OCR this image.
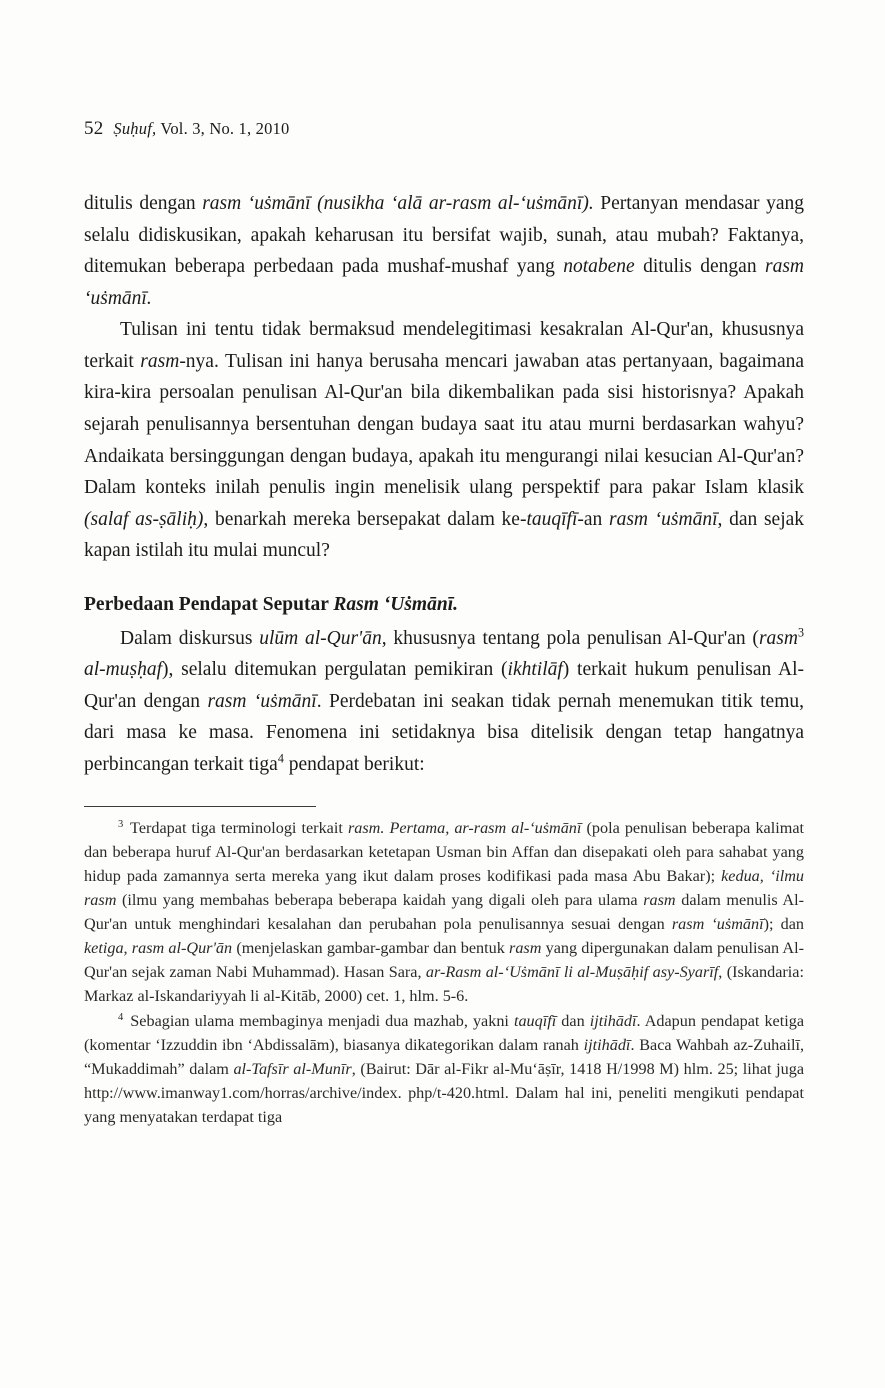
52 Ṣuḥuf, Vol. 3, No. 1, 2010

ditulis dengan rasm ʻuṡmānī (nusikha ʻalā ar-rasm al-ʻuṡmānī). Pertanyan mendasar yang selalu didiskusikan, apakah keharusan itu bersifat wajib, sunah, atau mubah? Faktanya, ditemukan beberapa perbedaan pada mushaf-mushaf yang notabene ditulis dengan rasm ʻuṡmānī.

Tulisan ini tentu tidak bermaksud mendelegitimasi kesakralan Al-Qur'an, khususnya terkait rasm-nya. Tulisan ini hanya berusaha mencari jawaban atas pertanyaan, bagaimana kira-kira persoalan penulisan Al-Qur'an bila dikembalikan pada sisi historisnya? Apakah sejarah penulisannya bersentuhan dengan budaya saat itu atau murni berdasarkan wahyu? Andaikata bersinggungan dengan budaya, apakah itu mengurangi nilai kesucian Al-Qur'an? Dalam konteks inilah penulis ingin menelisik ulang perspektif para pakar Islam klasik (salaf as-ṣāliḥ), benarkah mereka bersepakat dalam ke-tauqīfī-an rasm ʻuṡmānī, dan sejak kapan istilah itu mulai muncul?

Perbedaan Pendapat Seputar Rasm ʻUṡmānī.

Dalam diskursus ulūm al-Qur'ān, khususnya tentang pola penulisan Al-Qur'an (rasm$^3$ al-muṣḥaf), selalu ditemukan pergulatan pemikiran (ikhtilāf) terkait hukum penulisan Al-Qur'an dengan rasm ʻuṡmānī. Perdebatan ini seakan tidak pernah menemukan titik temu, dari masa ke masa. Fenomena ini setidaknya bisa ditelisik dengan tetap hangatnya perbincangan terkait tiga$^4$ pendapat berikut:

$^3$ Terdapat tiga terminologi terkait rasm. Pertama, ar-rasm al-ʻuṡmānī (pola penulisan beberapa kalimat dan beberapa huruf Al-Qur'an berdasarkan ketetapan Usman bin Affan dan disepakati oleh para sahabat yang hidup pada zamannya serta mereka yang ikut dalam proses kodifikasi pada masa Abu Bakar); kedua, ʻilmu rasm (ilmu yang membahas beberapa beberapa kaidah yang digali oleh para ulama rasm dalam menulis Al-Qur'an untuk menghindari kesalahan dan perubahan pola penulisannya sesuai dengan rasm ʻuṡmānī); dan ketiga, rasm al-Qur'ān (menjelaskan gambar-gambar dan bentuk rasm yang dipergunakan dalam penulisan Al-Qur'an sejak zaman Nabi Muhammad). Hasan Sara, ar-Rasm al-ʻUṡmānī li al-Muṣāḥif asy-Syarīf, (Iskandaria: Markaz al-Iskandariyyah li al-Kitāb, 2000) cet. 1, hlm. 5-6.

$^4$ Sebagian ulama membaginya menjadi dua mazhab, yakni tauqīfī dan ijtihādī. Adapun pendapat ketiga (komentar ʻIzzuddin ibn ʻAbdissalām), biasanya dikategorikan dalam ranah ijtihādī. Baca Wahbah az-Zuhailī, “Mukaddimah” dalam al-Tafsīr al-Munīr, (Bairut: Dār al-Fikr al-Muʻāṣīr, 1418 H/1998 M) hlm. 25; lihat juga http://www.imanway1.com/horras/archive/index. php/t-420.html. Dalam hal ini, peneliti mengikuti pendapat yang menyatakan terdapat tiga
